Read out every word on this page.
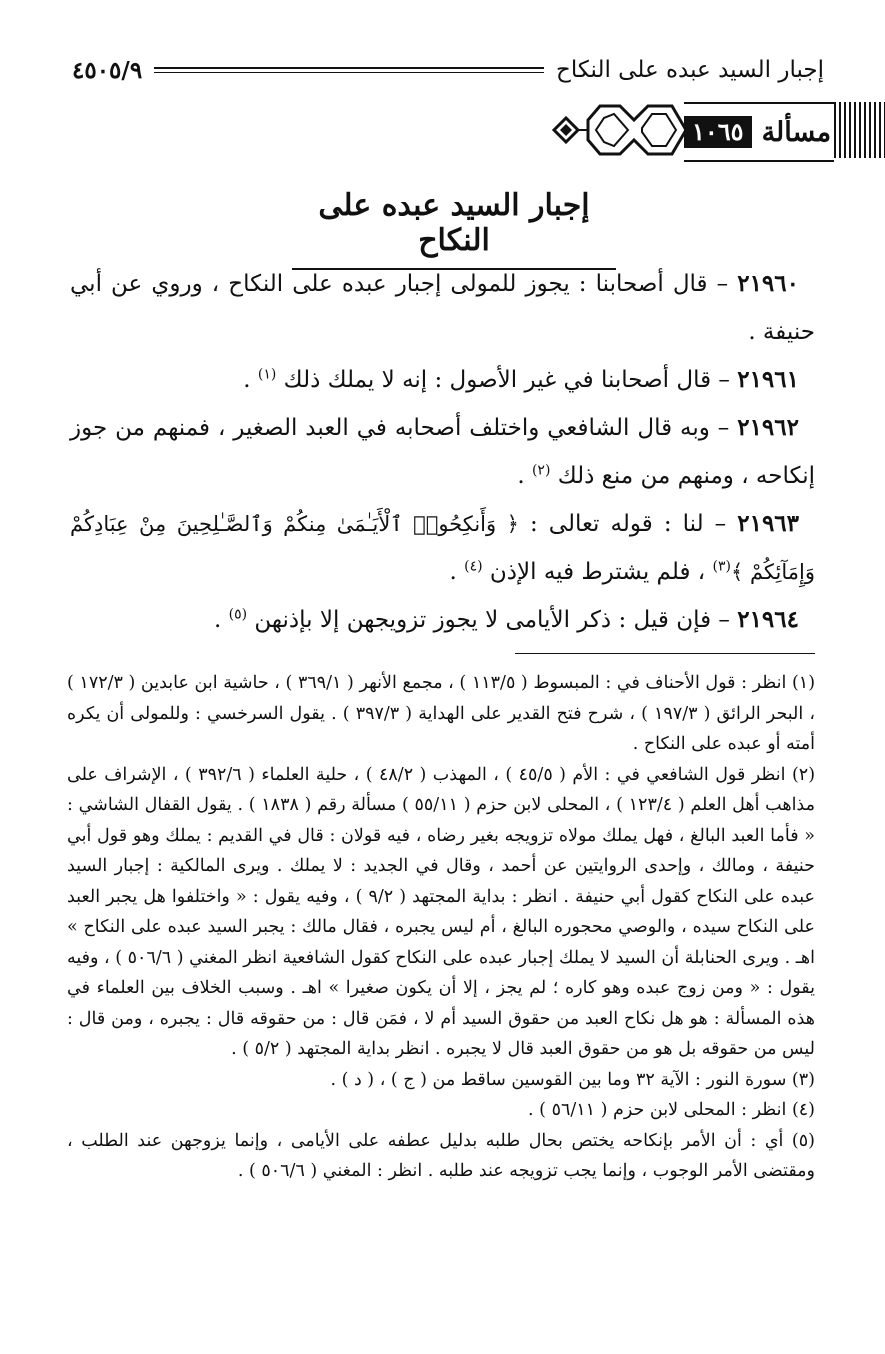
إجبار السيد عبده على النكاح
٤٥٠٥/٩
مسألة
١٠٦٥
إجبار السيد عبده على النكاح

٢١٩٦٠ – قال أصحابنا : يجوز للمولى إجبار عبده على النكاح ، وروي عن أبي حنيفة .

٢١٩٦١ – قال أصحابنا في غير الأصول : إنه لا يملك ذلك $^{(١)}$ .

٢١٩٦٢ – وبه قال الشافعي واختلف أصحابه في العبد الصغير ، فمنهم من جوز إنكاحه ، ومنهم من منع ذلك $^{(٢)}$ .

٢١٩٦٣ – لنا : قوله تعالى : ﴿ وَأَنكِحُوا۟ ٱلْأَيَـٰمَىٰ مِنكُمْ وَٱلصَّـٰلِحِينَ مِنْ عِبَادِكُمْ وَإِمَآئِكُمْ ﴾$^{(٣)}$ ، فلم يشترط فيه الإذن $^{(٤)}$ .

٢١٩٦٤ – فإن قيل : ذكر الأيامى لا يجوز تزويجهن إلا بإذنهن $^{(٥)}$ .

(١) انظر : قول الأحناف في : المبسوط ( ١١٣/٥ ) ، مجمع الأنهر ( ٣٦٩/١ ) ، حاشية ابن عابدين ( ١٧٢/٣ ) ، البحر الرائق ( ١٩٧/٣ ) ، شرح فتح القدير على الهداية ( ٣٩٧/٣ ) . يقول السرخسي : وللمولى أن يكره أمته أو عبده على النكاح .

(٢) انظر قول الشافعي في : الأم ( ٤٥/٥ ) ، المهذب ( ٤٨/٢ ) ، حلية العلماء ( ٣٩٢/٦ ) ، الإشراف على مذاهب أهل العلم ( ١٢٣/٤ ) ، المحلى لابن حزم ( ٥٥/١١ ) مسألة رقم ( ١٨٣٨ ) . يقول القفال الشاشي : « فأما العبد البالغ ، فهل يملك مولاه تزويجه بغير رضاه ، فيه قولان : قال في القديم : يملك وهو قول أبي حنيفة ، ومالك ، وإحدى الروايتين عن أحمد ، وقال في الجديد : لا يملك . ويرى المالكية : إجبار السيد عبده على النكاح كقول أبي حنيفة . انظر : بداية المجتهد ( ٩/٢ ) ، وفيه يقول : « واختلفوا هل يجبر العبد على النكاح سيده ، والوصي محجوره البالغ ، أم ليس يجبره ، فقال مالك : يجبر السيد عبده على النكاح » اهـ . ويرى الحنابلة أن السيد لا يملك إجبار عبده على النكاح كقول الشافعية انظر المغني ( ٥٠٦/٦ ) ، وفيه يقول : « ومن زوج عبده وهو كاره ؛ لم يجز ، إلا أن يكون صغيرا » اهـ . وسبب الخلاف بين العلماء في هذه المسألة : هو هل نكاح العبد من حقوق السيد أم لا ، فمَن قال : من حقوقه قال : يجبره ، ومن قال : ليس من حقوقه بل هو من حقوق العبد قال لا يجبره . انظر بداية المجتهد ( ٥/٢ ) .

(٣) سورة النور : الآية ٣٢ وما بين القوسين ساقط من ( ج ) ، ( د ) .

(٤) انظر : المحلى لابن حزم ( ٥٦/١١ ) .

(٥) أي : أن الأمر بإنكاحه يختص بحال طلبه بدليل عطفه على الأيامى ، وإنما يزوجهن عند الطلب ، ومقتضى الأمر الوجوب ، وإنما يجب تزويجه عند طلبه . انظر : المغني ( ٥٠٦/٦ ) .
